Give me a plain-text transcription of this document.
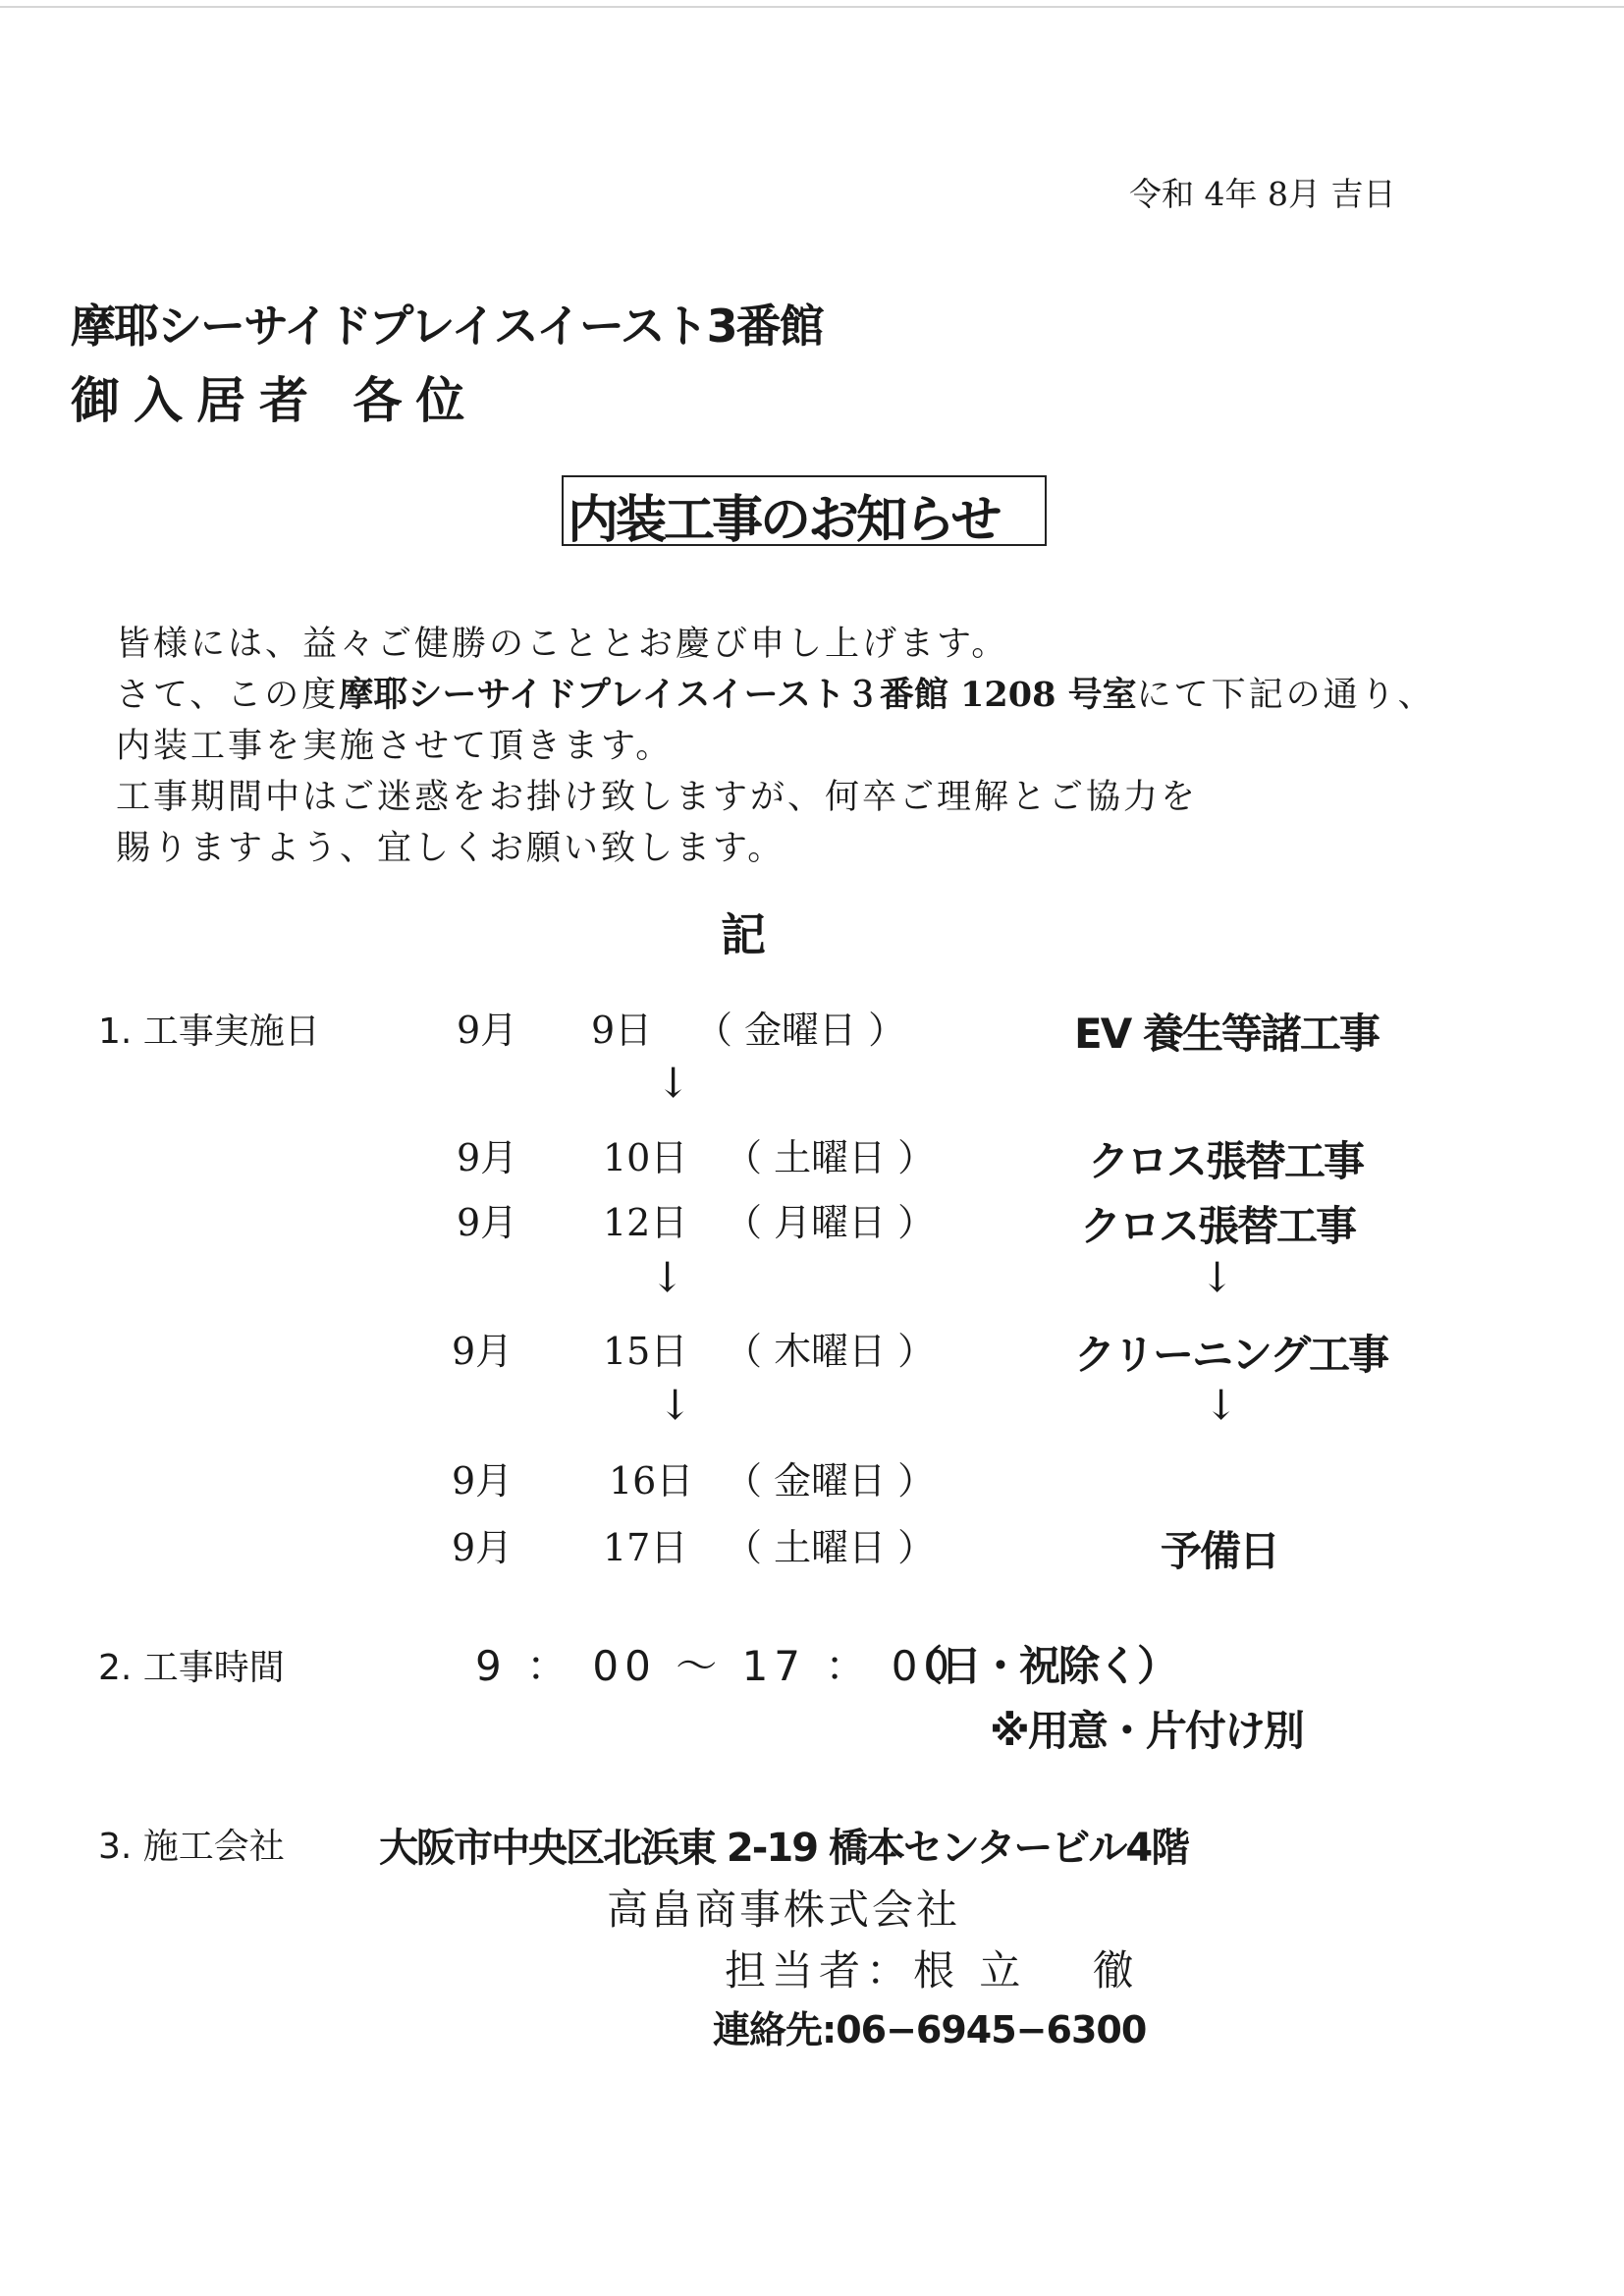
令和 4年 8月 吉日
摩耶シーサイドプレイスイースト3番館
御入居者 各位
内装工事のお知らせ
皆様には、益々ご健勝のこととお慶び申し上げます。
さて、この度摩耶シーサイドプレイスイースト３番館 1208 号室にて下記の通り、
内装工事を実施させて頂きます。
工事期間中はご迷惑をお掛け致しますが、何卒ご理解とご協力を
賜りますよう、宜しくお願い致します。
記
1. 工事実施日	9月 9日 （ 金曜日 ）	EV 養生等諸工事
↓
9月 10日 （ 土曜日 ）	クロス張替工事
9月 12日 （ 月曜日 ）	クロス張替工事
↓	↓
9月 15日 （ 木曜日 ）	クリーニング工事
↓	↓
9月	16日 （ 金曜日 ）
9月 17日 （ 土曜日 ）	予備日
2. 工事時間	9 ： 00 〜 17 ： 00
（日・祝除く）
※用意・片付け別
3. 施工会社 大阪市中央区北浜東 2-19 橋本センタービル4階
高畠商事株式会社
担当者：根 立　 徹
連絡先:06−6945−6300
